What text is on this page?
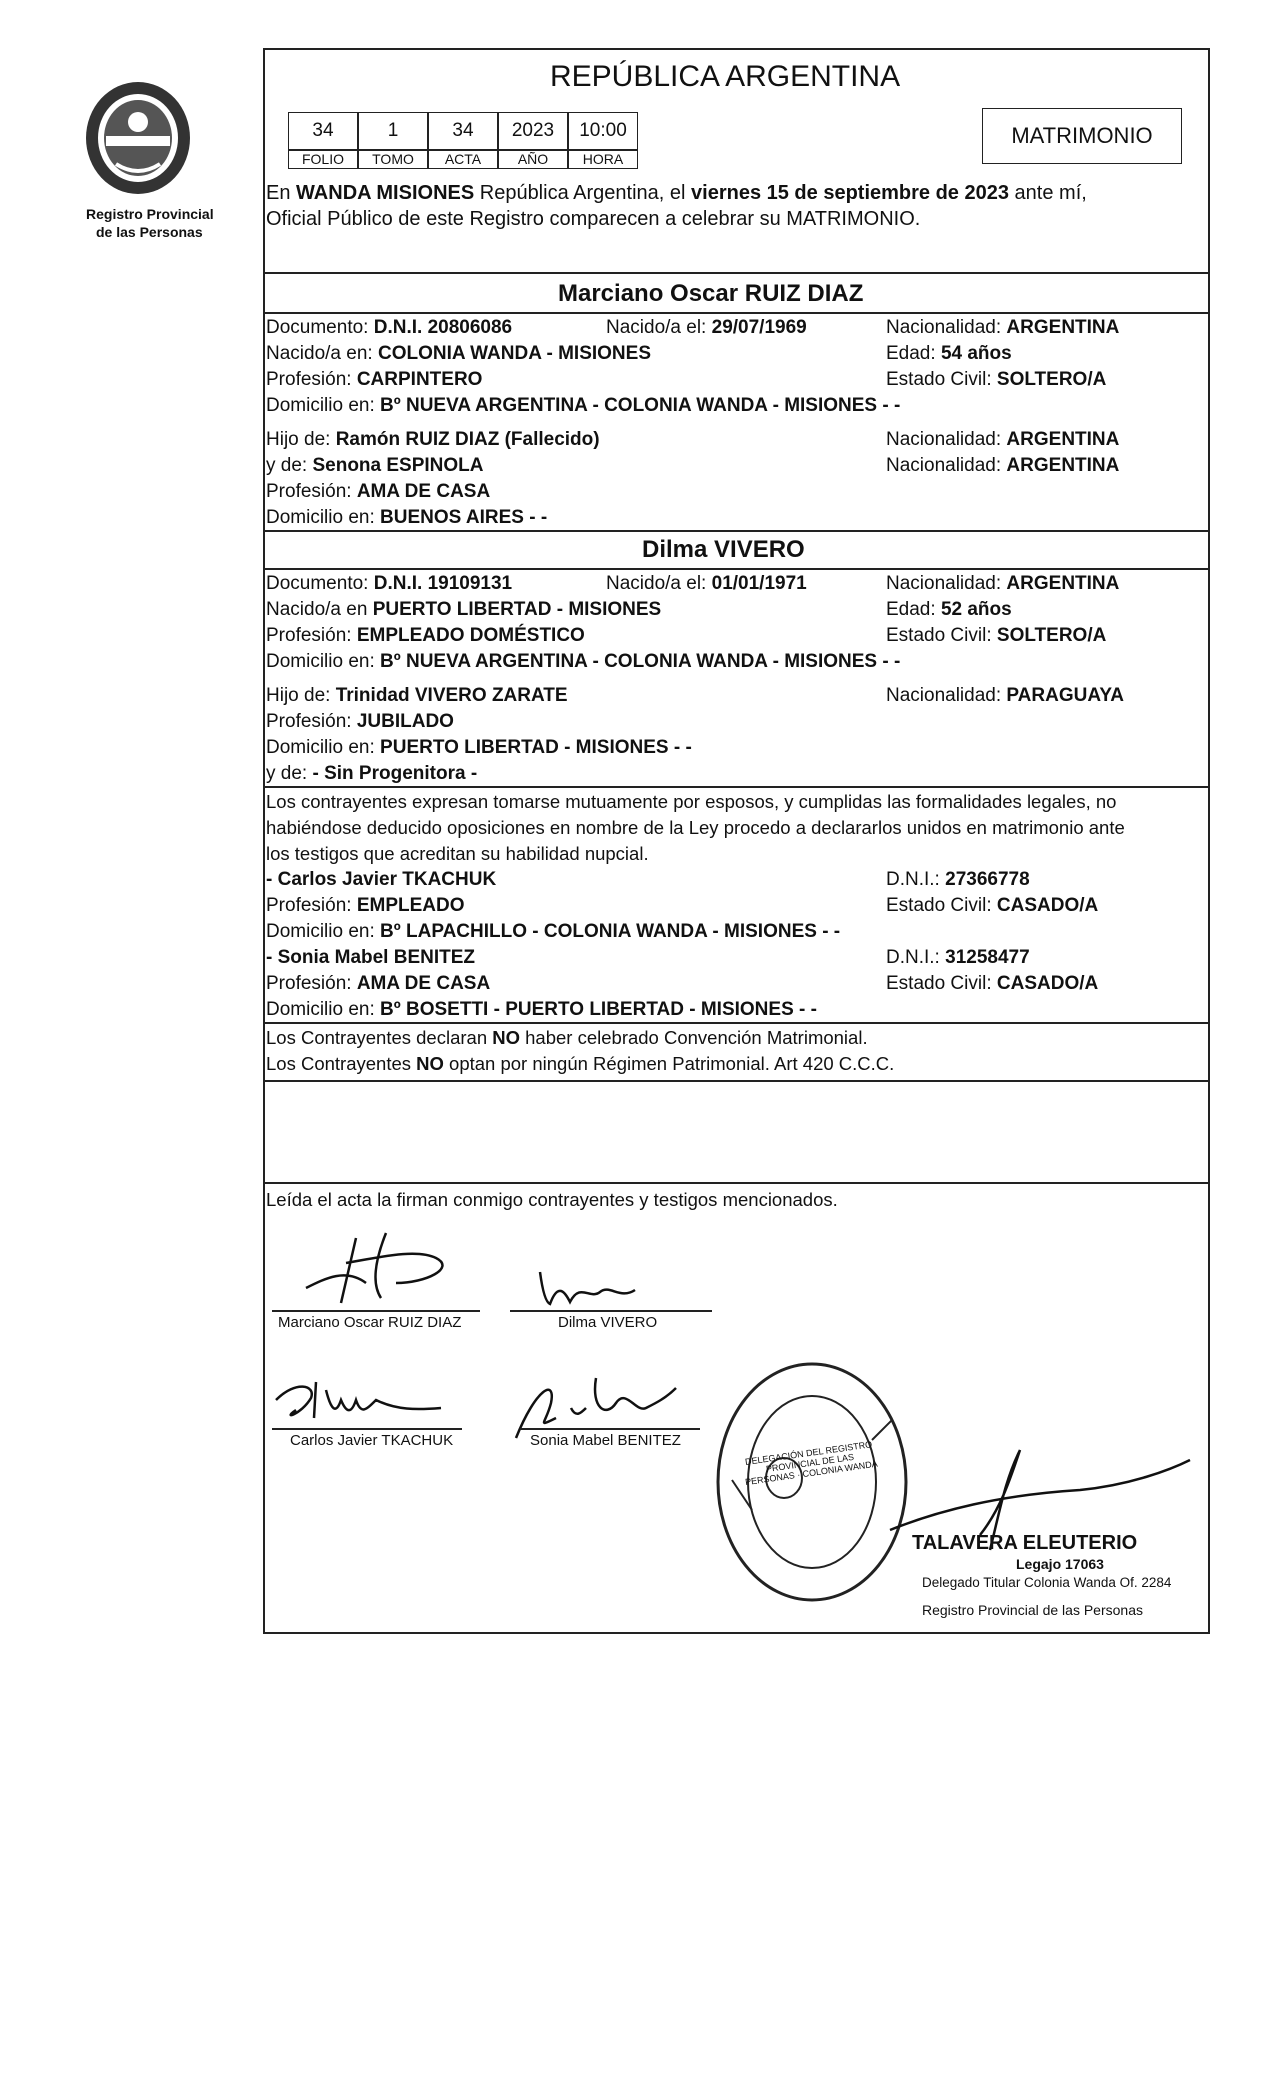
Registro Provincial
de las Personas
REPÚBLICA ARGENTINA
34	1	34	2023	10:00
FOLIO	TOMO	ACTA	AÑO	HORA
MATRIMONIO
En WANDA MISIONES República Argentina, el viernes 15 de septiembre de 2023 ante mí,
Oficial Público de este Registro comparecen a celebrar su MATRIMONIO.
Marciano Oscar RUIZ DIAZ
Documento: D.N.I. 20806086	Nacido/a el: 29/07/1969	Nacionalidad: ARGENTINA
Nacido/a en: COLONIA WANDA - MISIONES	Edad: 54 años
Profesión: CARPINTERO	Estado Civil: SOLTERO/A
Domicilio en: Bº NUEVA ARGENTINA - COLONIA WANDA - MISIONES - -
Hijo de: Ramón RUIZ DIAZ (Fallecido)	Nacionalidad: ARGENTINA
y de: Senona ESPINOLA	Nacionalidad: ARGENTINA
Profesión: AMA DE CASA
Domicilio en: BUENOS AIRES - -
Dilma VIVERO
Documento: D.N.I. 19109131	Nacido/a el: 01/01/1971	Nacionalidad: ARGENTINA
Nacido/a en PUERTO LIBERTAD - MISIONES	Edad: 52 años
Profesión: EMPLEADO DOMÉSTICO	Estado Civil: SOLTERO/A
Domicilio en: Bº NUEVA ARGENTINA - COLONIA WANDA - MISIONES - -
Hijo de: Trinidad VIVERO ZARATE	Nacionalidad: PARAGUAYA
Profesión: JUBILADO
Domicilio en: PUERTO LIBERTAD - MISIONES - -
y de: - Sin Progenitora -
Los contrayentes expresan tomarse mutuamente por esposos, y cumplidas las formalidades legales, no
habiéndose deducido oposiciones en nombre de la Ley procedo a declararlos unidos en matrimonio ante
los testigos que acreditan su habilidad nupcial.
- Carlos Javier TKACHUK	D.N.I.: 27366778
Profesión: EMPLEADO	Estado Civil: CASADO/A
Domicilio en: Bº LAPACHILLO - COLONIA WANDA - MISIONES - -
- Sonia Mabel BENITEZ	D.N.I.: 31258477
Profesión: AMA DE CASA	Estado Civil: CASADO/A
Domicilio en: Bº BOSETTI - PUERTO LIBERTAD - MISIONES - -
Los Contrayentes declaran NO haber celebrado Convención Matrimonial.
Los Contrayentes NO optan por ningún Régimen Patrimonial. Art 420 C.C.C.
Leída el acta la firman conmigo contrayentes y testigos mencionados.
Marciano Oscar RUIZ DIAZ	Dilma VIVERO
Carlos Javier TKACHUK	Sonia Mabel BENITEZ	DELEGACIÓN DEL REGISTRO PROVINCIAL DE LAS PERSONAS · COLONIA WANDA
TALAVERA ELEUTERIO
Legajo 17063
Delegado Titular Colonia Wanda Of. 2284
Registro Provincial de las Personas
